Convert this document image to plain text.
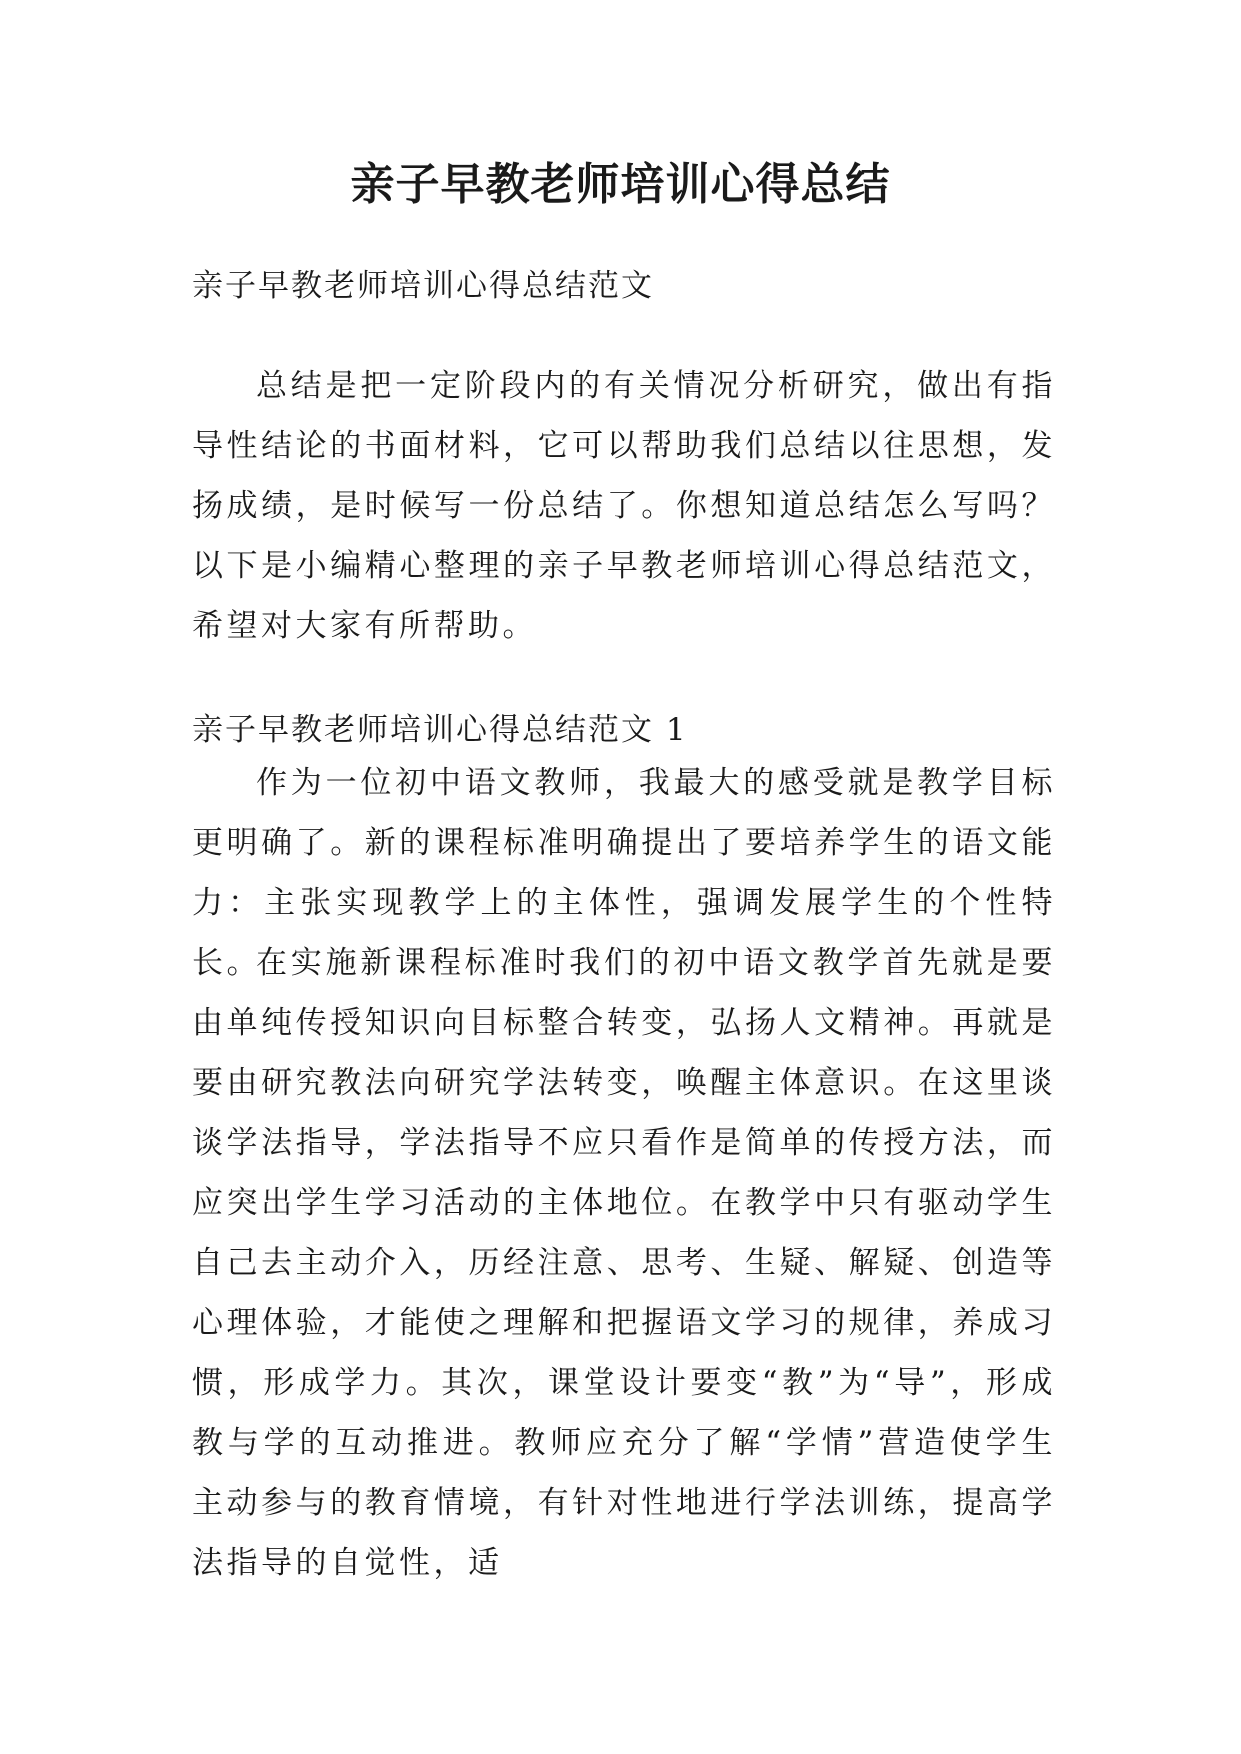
亲子早教老师培训心得总结

亲子早教老师培训心得总结范文

总结是把一定阶段内的有关情况分析研究，做出有指导性结论的书面材料，它可以帮助我们总结以往思想，发扬成绩，是时候写一份总结了。你想知道总结怎么写吗？以下是小编精心整理的亲子早教老师培训心得总结范文，希望对大家有所帮助。

亲子早教老师培训心得总结范文 1

作为一位初中语文教师，我最大的感受就是教学目标更明确了。新的课程标准明确提出了要培养学生的语文能力：主张实现教学上的主体性，强调发展学生的个性特长。

在实施新课程标准时我们的初中语文教学首先就是要由单纯传授知识向目标整合转变，弘扬人文精神。再就是要由研究教法向研究学法转变，唤醒主体意识。在这里谈谈学法指导，学法指导不应只看作是简单的传授方法，而应突出学生学习活动的主体地位。在教学中只有驱动学生自己去主动介入，历经注意、思考、生疑、解疑、创造等心理体验，才能使之理解和把握语文学习的规律，养成习惯，形成学力。其次，课堂设计要变“教”为“导”，形成教与学的互动推进。教师应充分了解“学情”营造使学生主动参与的教育情境，有针对性地进行学法训练，提高学法指导的自觉性，适
